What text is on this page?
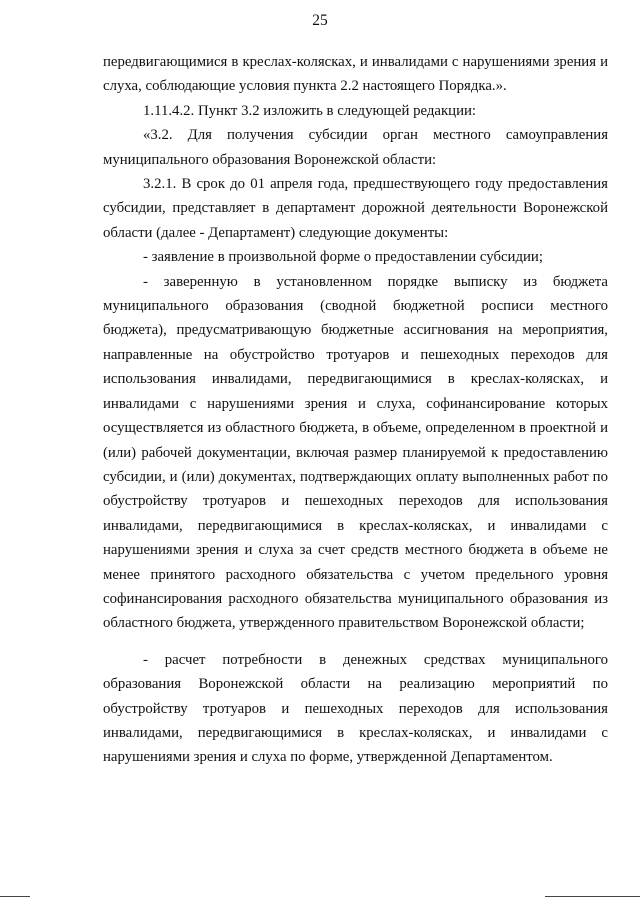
25

передвигающимися в креслах-колясках, и инвалидами с нарушениями зрения и слуха, соблюдающие условия пункта 2.2 настоящего Порядка.».

1.11.4.2. Пункт 3.2 изложить в следующей редакции:

«3.2. Для получения субсидии орган местного самоуправления муниципального образования Воронежской области:

3.2.1. В срок до 01 апреля года, предшествующего году предоставления субсидии, представляет в департамент дорожной деятельности Воронежской области (далее - Департамент) следующие документы:

- заявление в произвольной форме о предоставлении субсидии;

- заверенную в установленном порядке выписку из бюджета муниципального образования (сводной бюджетной росписи местного бюджета), предусматривающую бюджетные ассигнования на мероприятия, направленные на обустройство тротуаров и пешеходных переходов для использования инвалидами, передвигающимися в креслах-колясках, и инвалидами с нарушениями зрения и слуха, софинансирование которых осуществляется из областного бюджета, в объеме, определенном в проектной и (или) рабочей документации, включая размер планируемой к предоставлению субсидии, и (или) документах, подтверждающих оплату выполненных работ по обустройству тротуаров и пешеходных переходов для использования инвалидами, передвигающимися в креслах-колясках, и инвалидами с нарушениями зрения и слуха за счет средств местного бюджета в объеме не менее принятого расходного обязательства с учетом предельного уровня софинансирования расходного обязательства муниципального образования из областного бюджета, утвержденного правительством Воронежской области;

- расчет потребности в денежных средствах муниципального образования Воронежской области на реализацию мероприятий по обустройству тротуаров и пешеходных переходов для использования инвалидами, передвигающимися в креслах-колясках, и инвалидами с нарушениями зрения и слуха по форме, утвержденной Департаментом.
